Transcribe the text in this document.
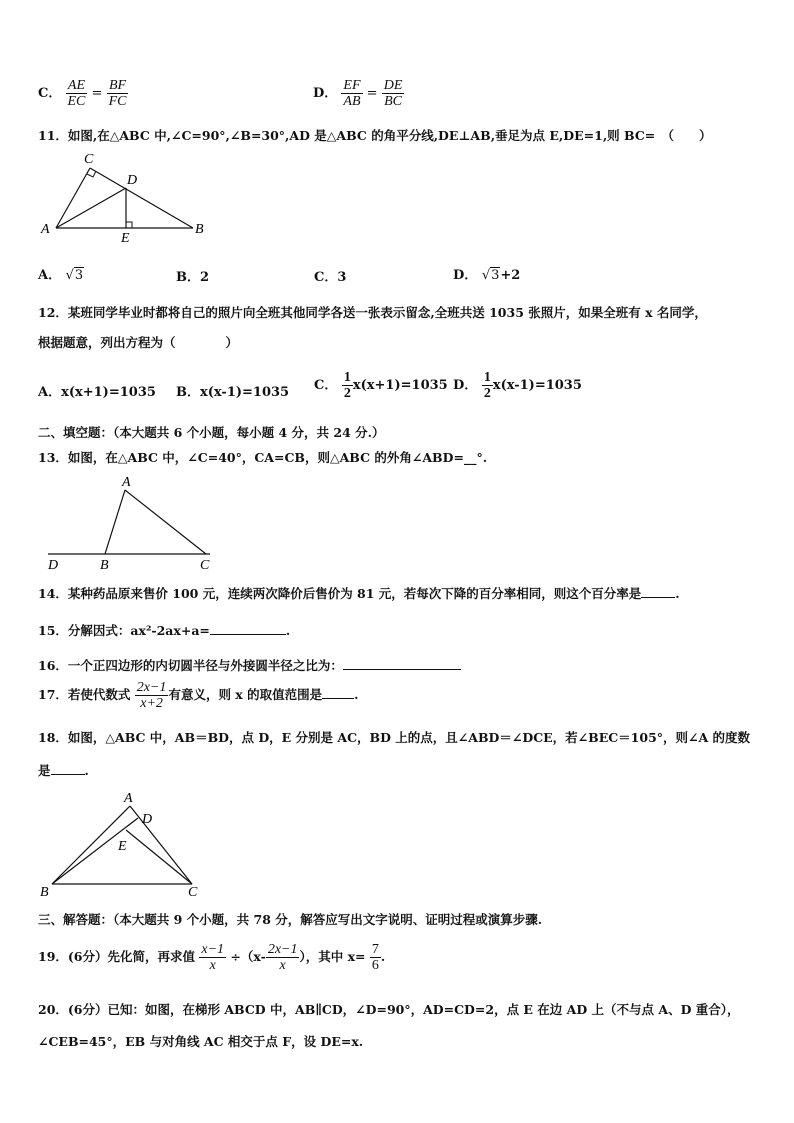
C． $\frac{AE}{EC} = \frac{BF}{FC}$	D． $\frac{EF}{AB} = \frac{DE}{BC}$
11．如图,在△ABC 中,∠C=90°,∠B=30°,AD 是△ABC 的角平分线,DE⊥AB,垂足为点 E,DE=1,则 BC=　（　　）
C
D
A
E
B
A． √3	B．2	C．3	D． √3+2
12．某班同学毕业时都将自己的照片向全班其他同学各送一张表示留念,全班共送 1035 张照片，如果全班有 x 名同学，
根据题意，列出方程为（　　　　）
A．x(x+1)=1035 B．x(x-1)=1035 C． $\frac{1}{2} x(x+1)=1035$ D． $\frac{1}{2} x(x-1)=1035$
二、填空题：（本大题共 6 个小题，每小题 4 分，共 24 分.）
13．如图，在△ABC 中，∠C=40°，CA=CB，则△ABC 的外角∠ABD=__°.
A
D	B	C
14．某种药品原来售价 100 元，连续两次降价后售价为 81 元，若每次下降的百分率相同，则这个百分率是	.
15．分解因式：ax²-2ax+a=	.
16．一个正四边形的内切圆半径与外接圆半径之比为：
17．若使代数式 $\frac{2x-1}{x+2}$ 有意义，则 x 的取值范围是	.
18．如图，△ABC 中，AB＝BD，点 D，E 分别是 AC，BD 上的点，且∠ABD＝∠DCE，若∠BEC＝105°，则∠A 的度数
是	.
A
D
E
B	C
三、解答题：（本大题共 9 个小题，共 78 分，解答应写出文字说明、证明过程或演算步骤.
19．(6分）先化简，再求值 $\frac{x-1}{x} \div(x- \frac{2x-1}{x}$ ），其中 $x= \frac{7}{6}$ .
20．(6分）已知：如图，在梯形 ABCD 中，AB∥CD，∠D=90°，AD=CD=2，点 E 在边 AD 上（不与点 A、D 重合），
∠CEB=45°，EB 与对角线 AC 相交于点 F，设 DE=x.
